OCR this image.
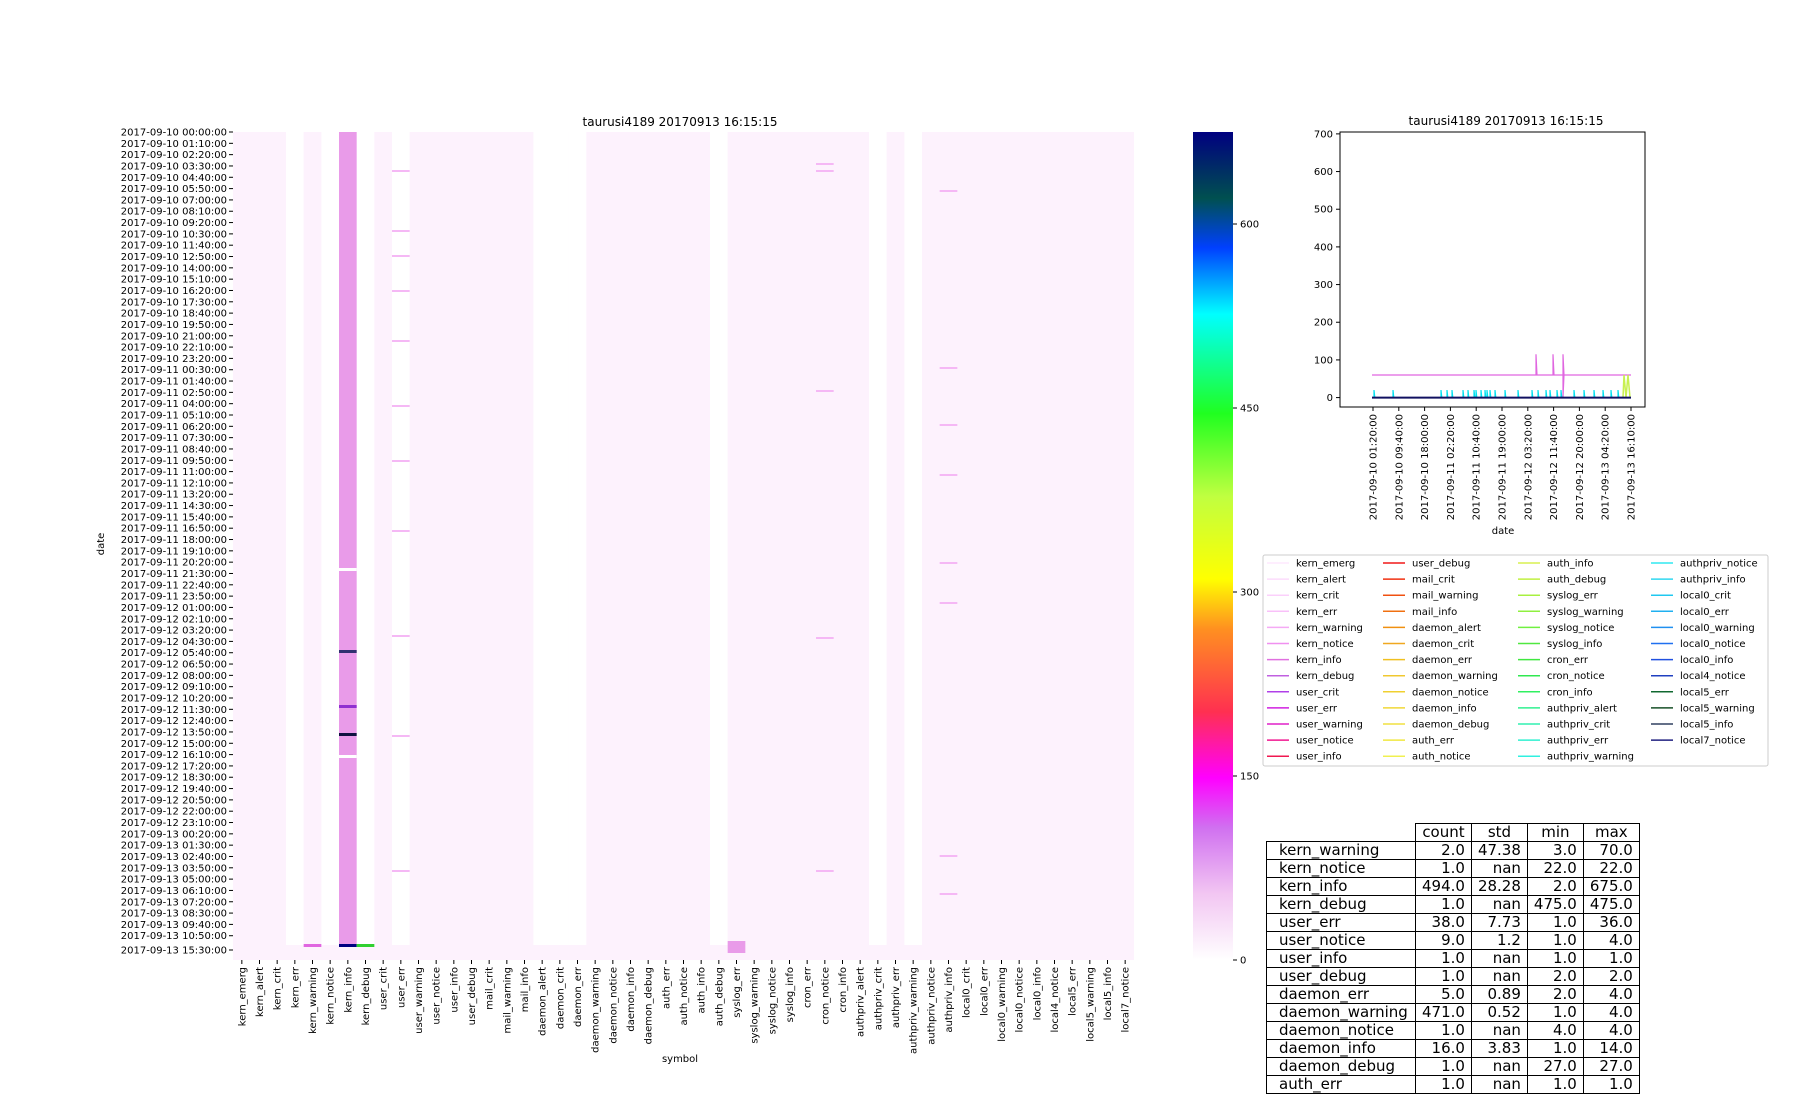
taurusi4189 20170913 16:15:15
date
symbol
2017-09-10 00:00:00
2017-09-10 01:10:00
2017-09-10 02:20:00
2017-09-10 03:30:00
2017-09-10 04:40:00
2017-09-10 05:50:00
2017-09-10 07:00:00
2017-09-10 08:10:00
2017-09-10 09:20:00
2017-09-10 10:30:00
2017-09-10 11:40:00
2017-09-10 12:50:00
2017-09-10 14:00:00
2017-09-10 15:10:00
2017-09-10 16:20:00
2017-09-10 17:30:00
2017-09-10 18:40:00
2017-09-10 19:50:00
2017-09-10 21:00:00
2017-09-10 22:10:00
2017-09-10 23:20:00
2017-09-11 00:30:00
2017-09-11 01:40:00
2017-09-11 02:50:00
2017-09-11 04:00:00
2017-09-11 05:10:00
2017-09-11 06:20:00
2017-09-11 07:30:00
2017-09-11 08:40:00
2017-09-11 09:50:00
2017-09-11 11:00:00
2017-09-11 12:10:00
2017-09-11 13:20:00
2017-09-11 14:30:00
2017-09-11 15:40:00
2017-09-11 16:50:00
2017-09-11 18:00:00
2017-09-11 19:10:00
2017-09-11 20:20:00
2017-09-11 21:30:00
2017-09-11 22:40:00
2017-09-11 23:50:00
2017-09-12 01:00:00
2017-09-12 02:10:00
2017-09-12 03:20:00
2017-09-12 04:30:00
2017-09-12 05:40:00
2017-09-12 06:50:00
2017-09-12 08:00:00
2017-09-12 09:10:00
2017-09-12 10:20:00
2017-09-12 11:30:00
2017-09-12 12:40:00
2017-09-12 13:50:00
2017-09-12 15:00:00
2017-09-12 16:10:00
2017-09-12 17:20:00
2017-09-12 18:30:00
2017-09-12 19:40:00
2017-09-12 20:50:00
2017-09-12 22:00:00
2017-09-12 23:10:00
2017-09-13 00:20:00
2017-09-13 01:30:00
2017-09-13 02:40:00
2017-09-13 03:50:00
2017-09-13 05:00:00
2017-09-13 06:10:00
2017-09-13 07:20:00
2017-09-13 08:30:00
2017-09-13 09:40:00
2017-09-13 10:50:00
2017-09-13 15:30:00
kern_emerg kern_alert kern_crit kern_err kern_warning kern_notice kern_info kern_debug user_crit user_err user_warning user_notice user_info user_debug mail_crit mail_warning mail_info daemon_alert daemon_crit daemon_err daemon_warning daemon_notice daemon_info daemon_debug auth_err auth_notice auth_info auth_debug syslog_err syslog_warning syslog_notice syslog_info cron_err cron_notice cron_info authpriv_alert authpriv_crit authpriv_err authpriv_warning authpriv_notice authpriv_info local0_crit local0_err local0_warning local0_notice local0_info local4_notice local5_err local5_warning local5_info local7_notice
0
150
300
450
600
taurusi4189 20170913 16:15:15
0
100
200
300
400
500
600
700
2017-09-10 01:20:00 2017-09-10 09:40:00 2017-09-10 18:00:00 2017-09-11 02:20:00 2017-09-11 10:40:00 2017-09-11 19:00:00 2017-09-12 03:20:00 2017-09-12 11:40:00 2017-09-12 20:00:00 2017-09-13 04:20:00 2017-09-13 16:10:00
date
kern_emerg
kern_alert
kern_crit
kern_err
kern_warning
kern_notice
kern_info
kern_debug
user_crit
user_err
user_warning
user_notice
user_info
user_debug
mail_crit
mail_warning
mail_info
daemon_alert
daemon_crit
daemon_err
daemon_warning
daemon_notice
daemon_info
daemon_debug
auth_err
auth_notice
auth_info
auth_debug
syslog_err
syslog_warning
syslog_notice
syslog_info
cron_err
cron_notice
cron_info
authpriv_alert
authpriv_crit
authpriv_err
authpriv_warning
authpriv_notice
authpriv_info
local0_crit
local0_err
local0_warning
local0_notice
local0_info
local4_notice
local5_err
local5_warning
local5_info
local7_notice
	count	std	min	max
kern_warning	2.0	47.38	3.0	70.0
kern_notice	1.0	nan	22.0	22.0
kern_info	494.0	28.28	2.0	675.0
kern_debug	1.0	nan	475.0	475.0
user_err	38.0	7.73	1.0	36.0
user_notice	9.0	1.2	1.0	4.0
user_info	1.0	nan	1.0	1.0
user_debug	1.0	nan	2.0	2.0
daemon_err	5.0	0.89	2.0	4.0
daemon_warning	471.0	0.52	1.0	4.0
daemon_notice	1.0	nan	4.0	4.0
daemon_info	16.0	3.83	1.0	14.0
daemon_debug	1.0	nan	27.0	27.0
auth_err	1.0	nan	1.0	1.0
